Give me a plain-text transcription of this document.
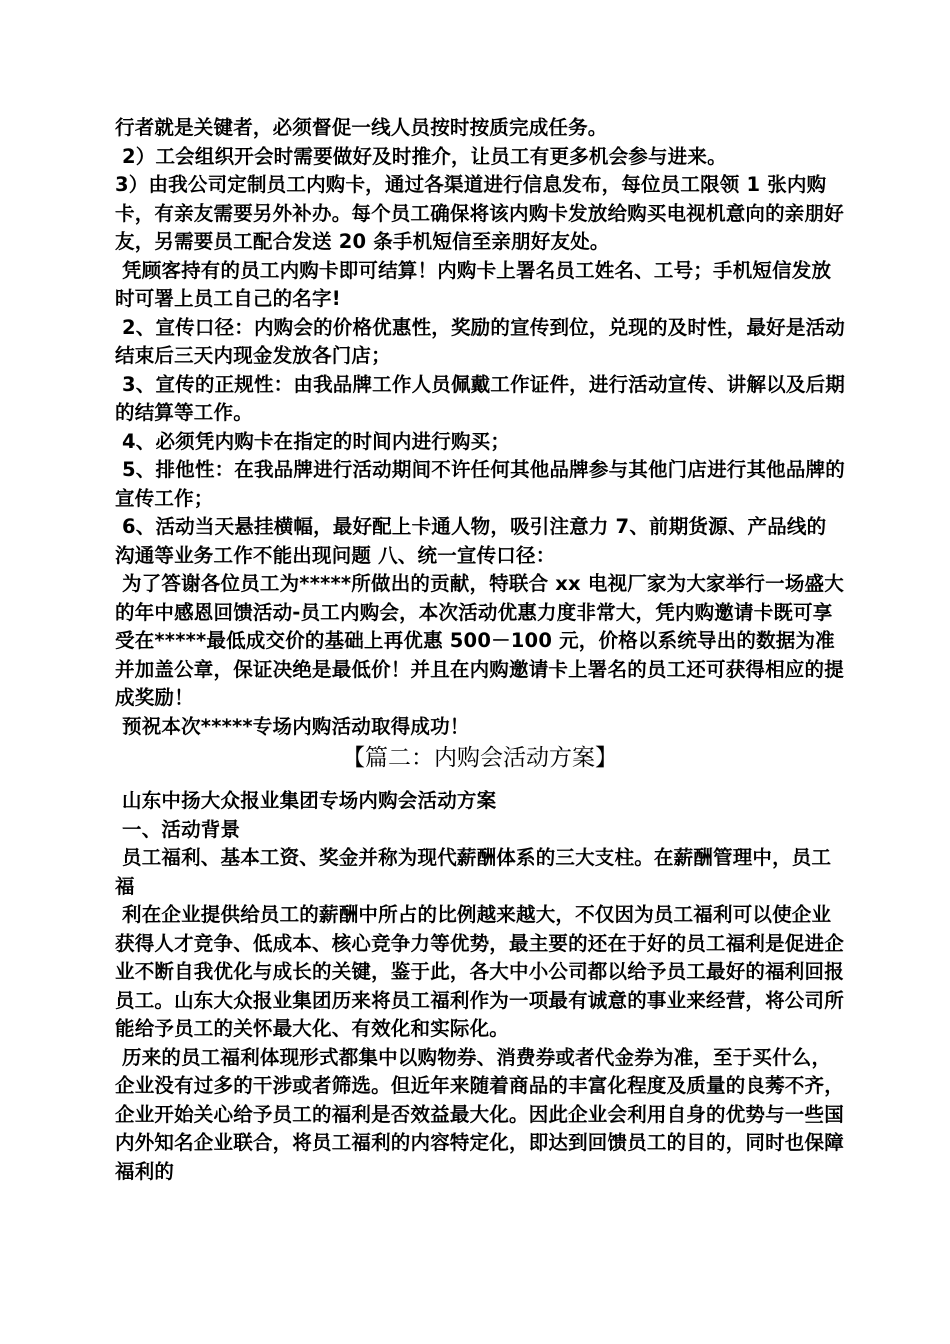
行者就是关键者，必须督促一线人员按时按质完成任务。

2）工会组织开会时需要做好及时推介，让员工有更多机会参与进来。

3）由我公司定制员工内购卡，通过各渠道进行信息发布，每位员工限领 1 张内购卡，有亲友需要另外补办。每个员工确保将该内购卡发放给购买电视机意向的亲朋好友，另需要员工配合发送 20 条手机短信至亲朋好友处。

凭顾客持有的员工内购卡即可结算！内购卡上署名员工姓名、工号；手机短信发放时可署上员工自己的名字!

2、宣传口径：内购会的价格优惠性，奖励的宣传到位，兑现的及时性，最好是活动结束后三天内现金发放各门店；

3、宣传的正规性：由我品牌工作人员佩戴工作证件，进行活动宣传、讲解以及后期的结算等工作。

4、必须凭内购卡在指定的时间内进行购买；

5、排他性：在我品牌进行活动期间不许任何其他品牌参与其他门店进行其他品牌的宣传工作；

6、活动当天悬挂横幅，最好配上卡通人物，吸引注意力 7、前期货源、产品线的沟通等业务工作不能出现问题 八、统一宣传口径：

为了答谢各位员工为*****所做出的贡献，特联合 xx 电视厂家为大家举行一场盛大的年中感恩回馈活动-员工内购会，本次活动优惠力度非常大，凭内购邀请卡既可享受在*****最低成交价的基础上再优惠 500－100 元，价格以系统导出的数据为准并加盖公章，保证决绝是最低价！并且在内购邀请卡上署名的员工还可获得相应的提成奖励！

预祝本次*****专场内购活动取得成功！

【篇二：内购会活动方案】

山东中扬大众报业集团专场内购会活动方案

一、活动背景

员工福利、基本工资、奖金并称为现代薪酬体系的三大支柱。在薪酬管理中，员工福

利在企业提供给员工的薪酬中所占的比例越来越大，不仅因为员工福利可以使企业获得人才竞争、低成本、核心竞争力等优势，最主要的还在于好的员工福利是促进企业不断自我优化与成长的关键，鉴于此，各大中小公司都以给予员工最好的福利回报员工。山东大众报业集团历来将员工福利作为一项最有诚意的事业来经营，将公司所能给予员工的关怀最大化、有效化和实际化。

历来的员工福利体现形式都集中以购物券、消费券或者代金券为准，至于买什么，企业没有过多的干涉或者筛选。但近年来随着商品的丰富化程度及质量的良莠不齐，企业开始关心给予员工的福利是否效益最大化。因此企业会利用自身的优势与一些国内外知名企业联合，将员工福利的内容特定化，即达到回馈员工的目的，同时也保障福利的
